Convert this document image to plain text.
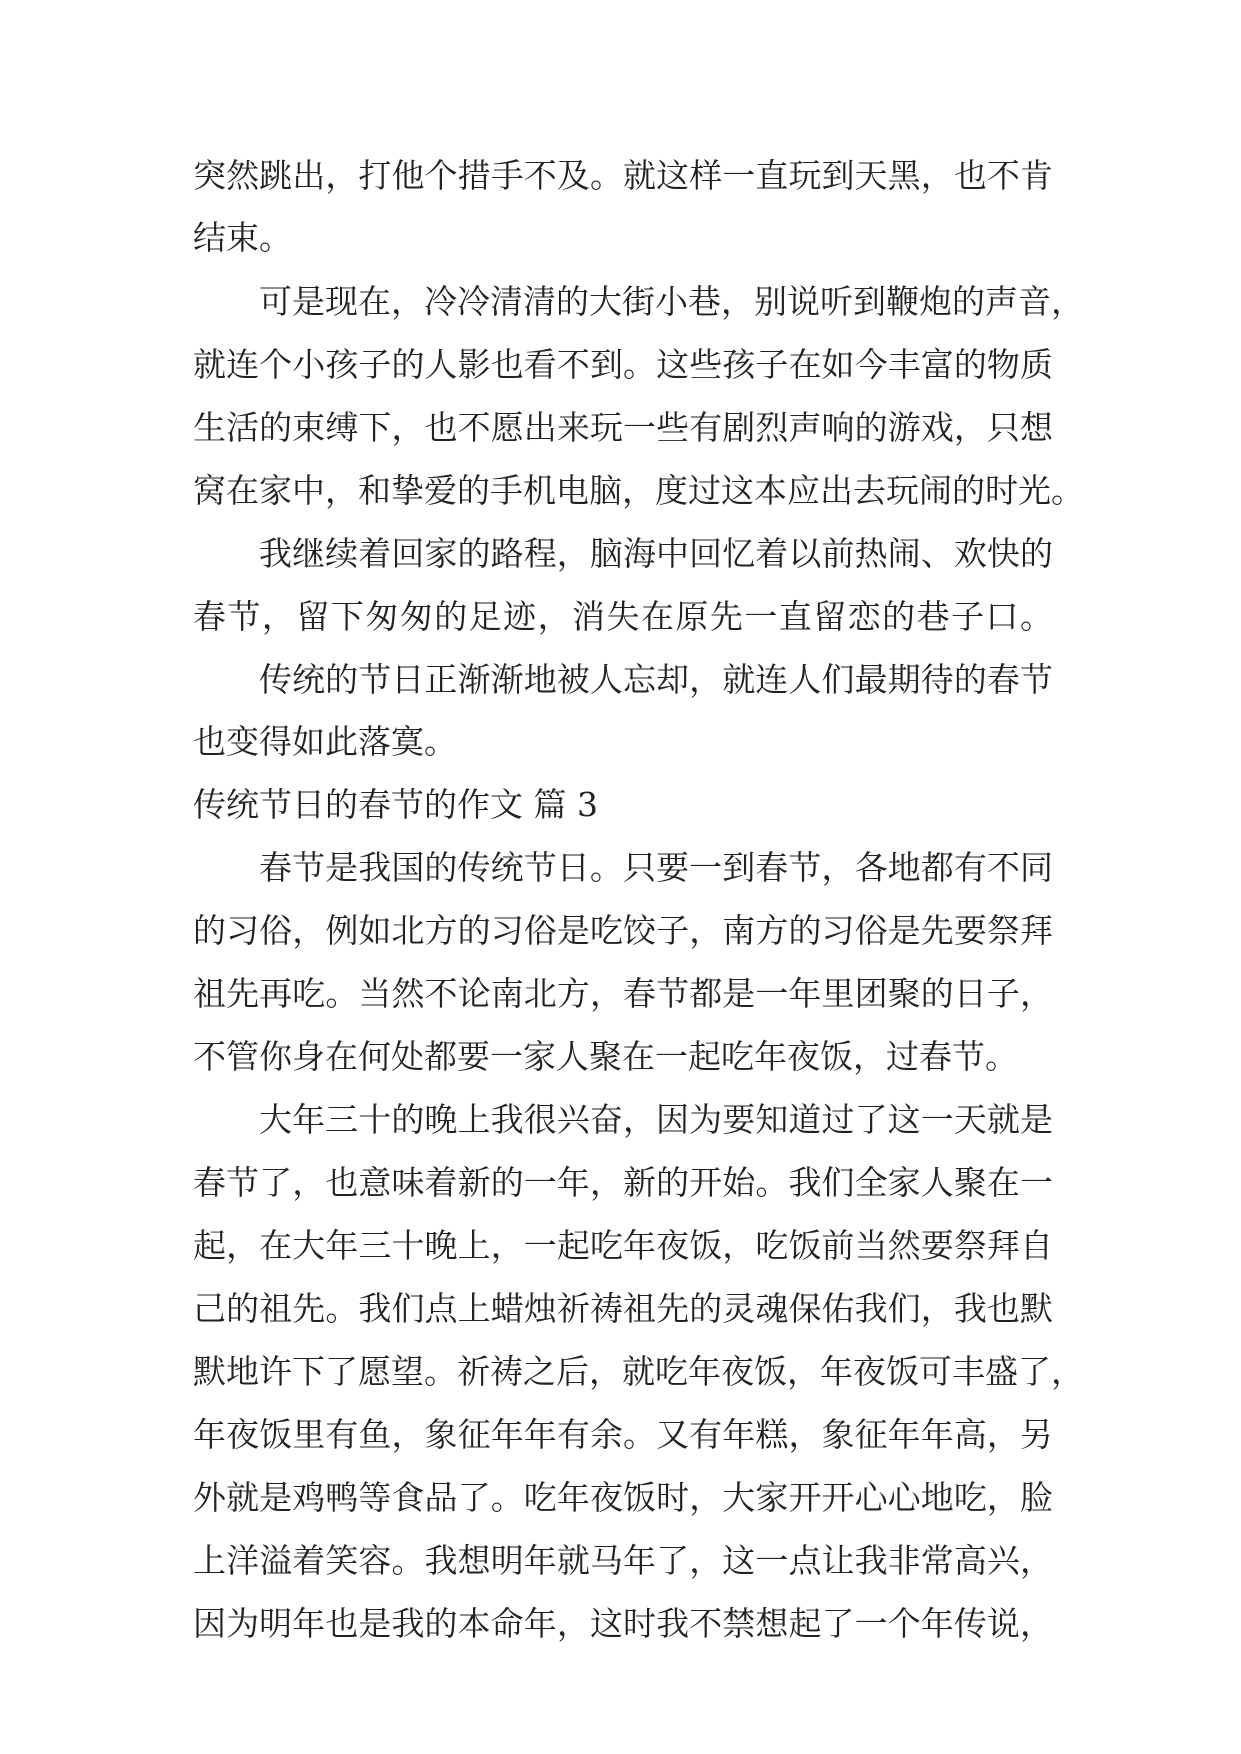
突然跳出，打他个措手不及。就这样一直玩到天黑，也不肯
结束。
可是现在，冷冷清清的大街小巷，别说听到鞭炮的声音，
就连个小孩子的人影也看不到。这些孩子在如今丰富的物质
生活的束缚下，也不愿出来玩一些有剧烈声响的游戏，只想
窝在家中，和挚爱的手机电脑，度过这本应出去玩闹的时光。
我继续着回家的路程，脑海中回忆着以前热闹、欢快的
春节，留下匆匆的足迹，消失在原先一直留恋的巷子口。
传统的节日正渐渐地被人忘却，就连人们最期待的春节
也变得如此落寞。
传统节日的春节的作文 篇 3
春节是我国的传统节日。只要一到春节，各地都有不同
的习俗，例如北方的习俗是吃饺子，南方的习俗是先要祭拜
祖先再吃。当然不论南北方，春节都是一年里团聚的日子，
不管你身在何处都要一家人聚在一起吃年夜饭，过春节。
大年三十的晚上我很兴奋，因为要知道过了这一天就是
春节了，也意味着新的一年，新的开始。我们全家人聚在一
起，在大年三十晚上，一起吃年夜饭，吃饭前当然要祭拜自
己的祖先。我们点上蜡烛祈祷祖先的灵魂保佑我们，我也默
默地许下了愿望。祈祷之后，就吃年夜饭，年夜饭可丰盛了，
年夜饭里有鱼，象征年年有余。又有年糕，象征年年高，另
外就是鸡鸭等食品了。吃年夜饭时，大家开开心心地吃，脸
上洋溢着笑容。我想明年就马年了，这一点让我非常高兴，
因为明年也是我的本命年，这时我不禁想起了一个年传说，
